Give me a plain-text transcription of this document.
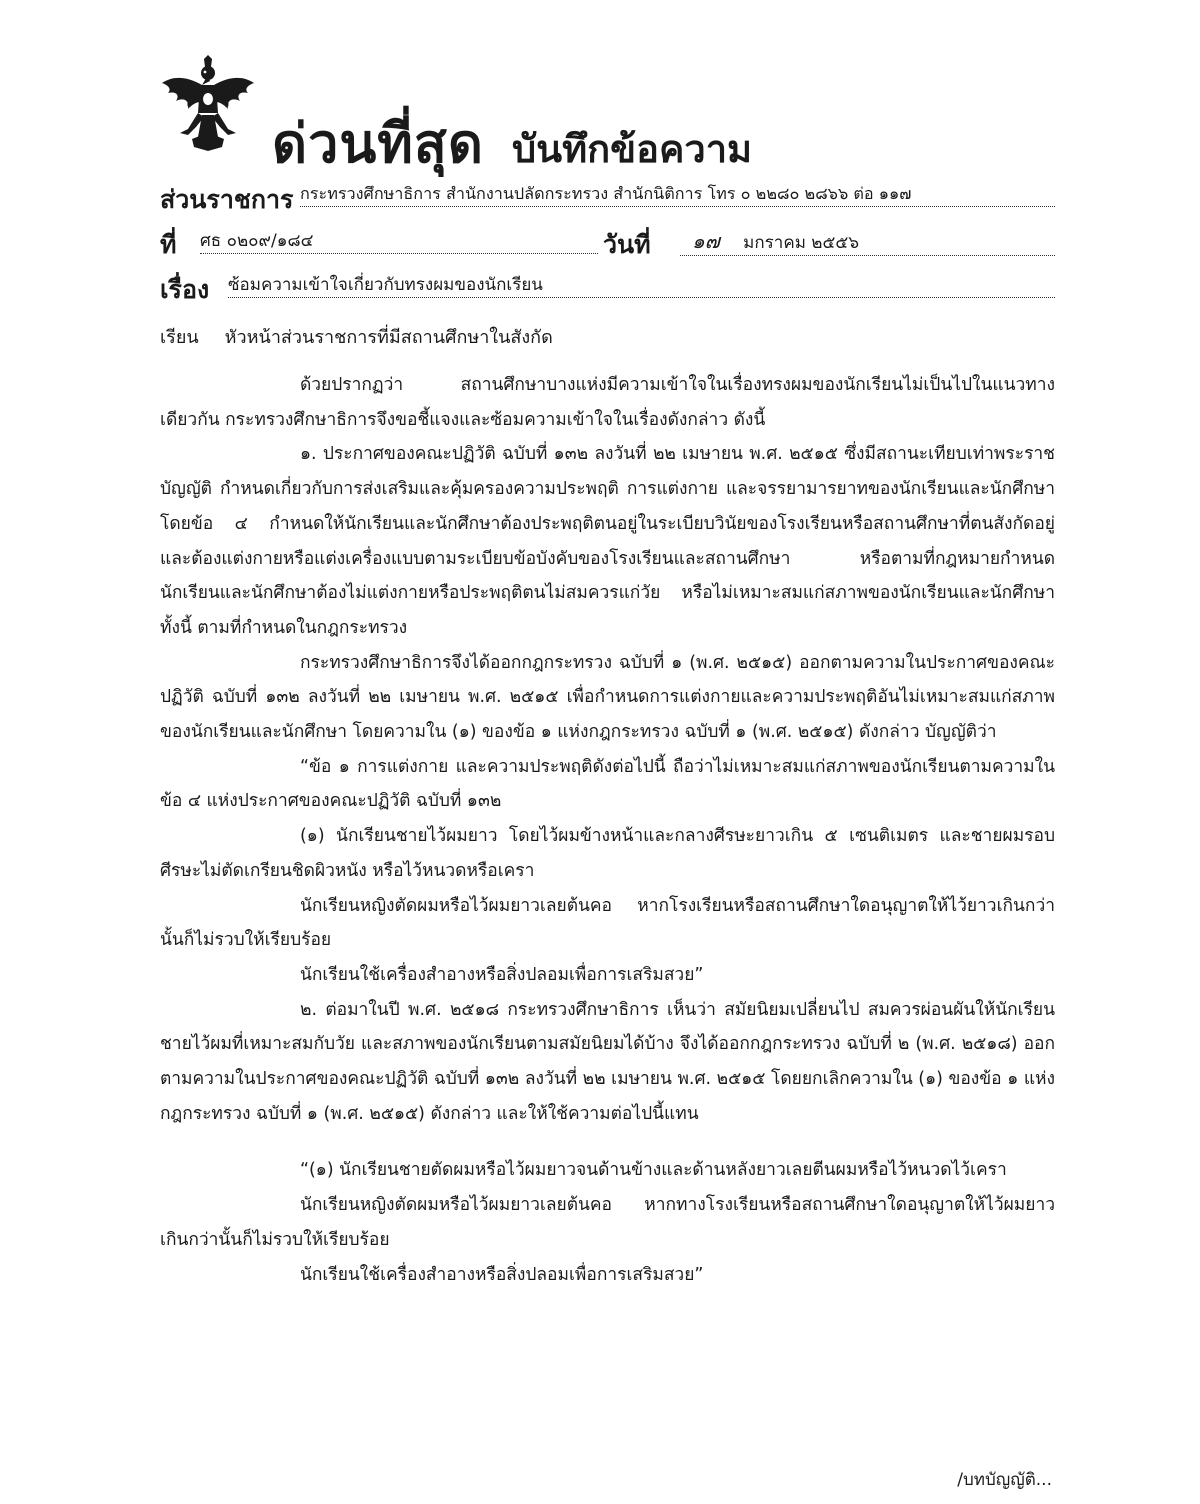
ด่วนที่สุด บันทึกข้อความ
ส่วนราชการ กระทรวงศึกษาธิการ สำนักงานปลัดกระทรวง สำนักนิติการ โทร ๐ ๒๒๘๐ ๒๘๖๖ ต่อ ๑๑๗
ที่ ศธ ๐๒๐๙/๑๘๔	วันที่	๑๗ มกราคม ๒๕๕๖
เรื่อง ซ้อมความเข้าใจเกี่ยวกับทรงผมของนักเรียน
เรียน หัวหน้าส่วนราชการที่มีสถานศึกษาในสังกัด

ด้วยปรากฏว่า สถานศึกษาบางแห่งมีความเข้าใจในเรื่องทรงผมของนักเรียนไม่เป็นไปในแนวทางเดียวกัน กระทรวงศึกษาธิการจึงขอชี้แจงและซ้อมความเข้าใจในเรื่องดังกล่าว ดังนี้

๑. ประกาศของคณะปฏิวัติ ฉบับที่ ๑๓๒ ลงวันที่ ๒๒ เมษายน พ.ศ. ๒๕๑๕ ซึ่งมีสถานะเทียบเท่าพระราชบัญญัติ กำหนดเกี่ยวกับการส่งเสริมและคุ้มครองความประพฤติ การแต่งกาย และจรรยามารยาทของนักเรียนและนักศึกษา โดยข้อ ๔ กำหนดให้นักเรียนและนักศึกษาต้องประพฤติตนอยู่ในระเบียบวินัยของโรงเรียนหรือสถานศึกษาที่ตนสังกัดอยู่ และต้องแต่งกายหรือแต่งเครื่องแบบตามระเบียบข้อบังคับของโรงเรียนและสถานศึกษา หรือตามที่กฎหมายกำหนด นักเรียนและนักศึกษาต้องไม่แต่งกายหรือประพฤติตนไม่สมควรแก่วัย หรือไม่เหมาะสมแก่สภาพของนักเรียนและนักศึกษา ทั้งนี้ ตามที่กำหนดในกฎกระทรวง

กระทรวงศึกษาธิการจึงได้ออกกฎกระทรวง ฉบับที่ ๑ (พ.ศ. ๒๕๑๕) ออกตามความในประกาศของคณะปฏิวัติ ฉบับที่ ๑๓๒ ลงวันที่ ๒๒ เมษายน พ.ศ. ๒๕๑๕ เพื่อกำหนดการแต่งกายและความประพฤติอันไม่เหมาะสมแก่สภาพของนักเรียนและนักศึกษา โดยความใน (๑) ของข้อ ๑ แห่งกฎกระทรวง ฉบับที่ ๑ (พ.ศ. ๒๕๑๕) ดังกล่าว บัญญัติว่า

“ข้อ ๑ การแต่งกาย และความประพฤติดังต่อไปนี้ ถือว่าไม่เหมาะสมแก่สภาพของนักเรียนตามความในข้อ ๔ แห่งประกาศของคณะปฏิวัติ ฉบับที่ ๑๓๒

(๑) นักเรียนชายไว้ผมยาว โดยไว้ผมข้างหน้าและกลางศีรษะยาวเกิน ๕ เซนติเมตร และชายผมรอบศีรษะไม่ตัดเกรียนชิดผิวหนัง หรือไว้หนวดหรือเครา

นักเรียนหญิงตัดผมหรือไว้ผมยาวเลยต้นคอ หากโรงเรียนหรือสถานศึกษาใดอนุญาตให้ไว้ยาวเกินกว่านั้นก็ไม่รวบให้เรียบร้อย

นักเรียนใช้เครื่องสำอางหรือสิ่งปลอมเพื่อการเสริมสวย”

๒. ต่อมาในปี พ.ศ. ๒๕๑๘ กระทรวงศึกษาธิการ เห็นว่า สมัยนิยมเปลี่ยนไป สมควรผ่อนผันให้นักเรียนชายไว้ผมที่เหมาะสมกับวัย และสภาพของนักเรียนตามสมัยนิยมได้บ้าง จึงได้ออกกฎกระทรวง ฉบับที่ ๒ (พ.ศ. ๒๕๑๘) ออกตามความในประกาศของคณะปฏิวัติ ฉบับที่ ๑๓๒ ลงวันที่ ๒๒ เมษายน พ.ศ. ๒๕๑๕ โดยยกเลิกความใน (๑) ของข้อ ๑ แห่งกฎกระทรวง ฉบับที่ ๑ (พ.ศ. ๒๕๑๕) ดังกล่าว และให้ใช้ความต่อไปนี้แทน

“(๑) นักเรียนชายตัดผมหรือไว้ผมยาวจนด้านข้างและด้านหลังยาวเลยตีนผมหรือไว้หนวดไว้เครา

นักเรียนหญิงตัดผมหรือไว้ผมยาวเลยต้นคอ หากทางโรงเรียนหรือสถานศึกษาใดอนุญาตให้ไว้ผมยาวเกินกว่านั้นก็ไม่รวบให้เรียบร้อย

นักเรียนใช้เครื่องสำอางหรือสิ่งปลอมเพื่อการเสริมสวย”

/บทบัญญัติ...
